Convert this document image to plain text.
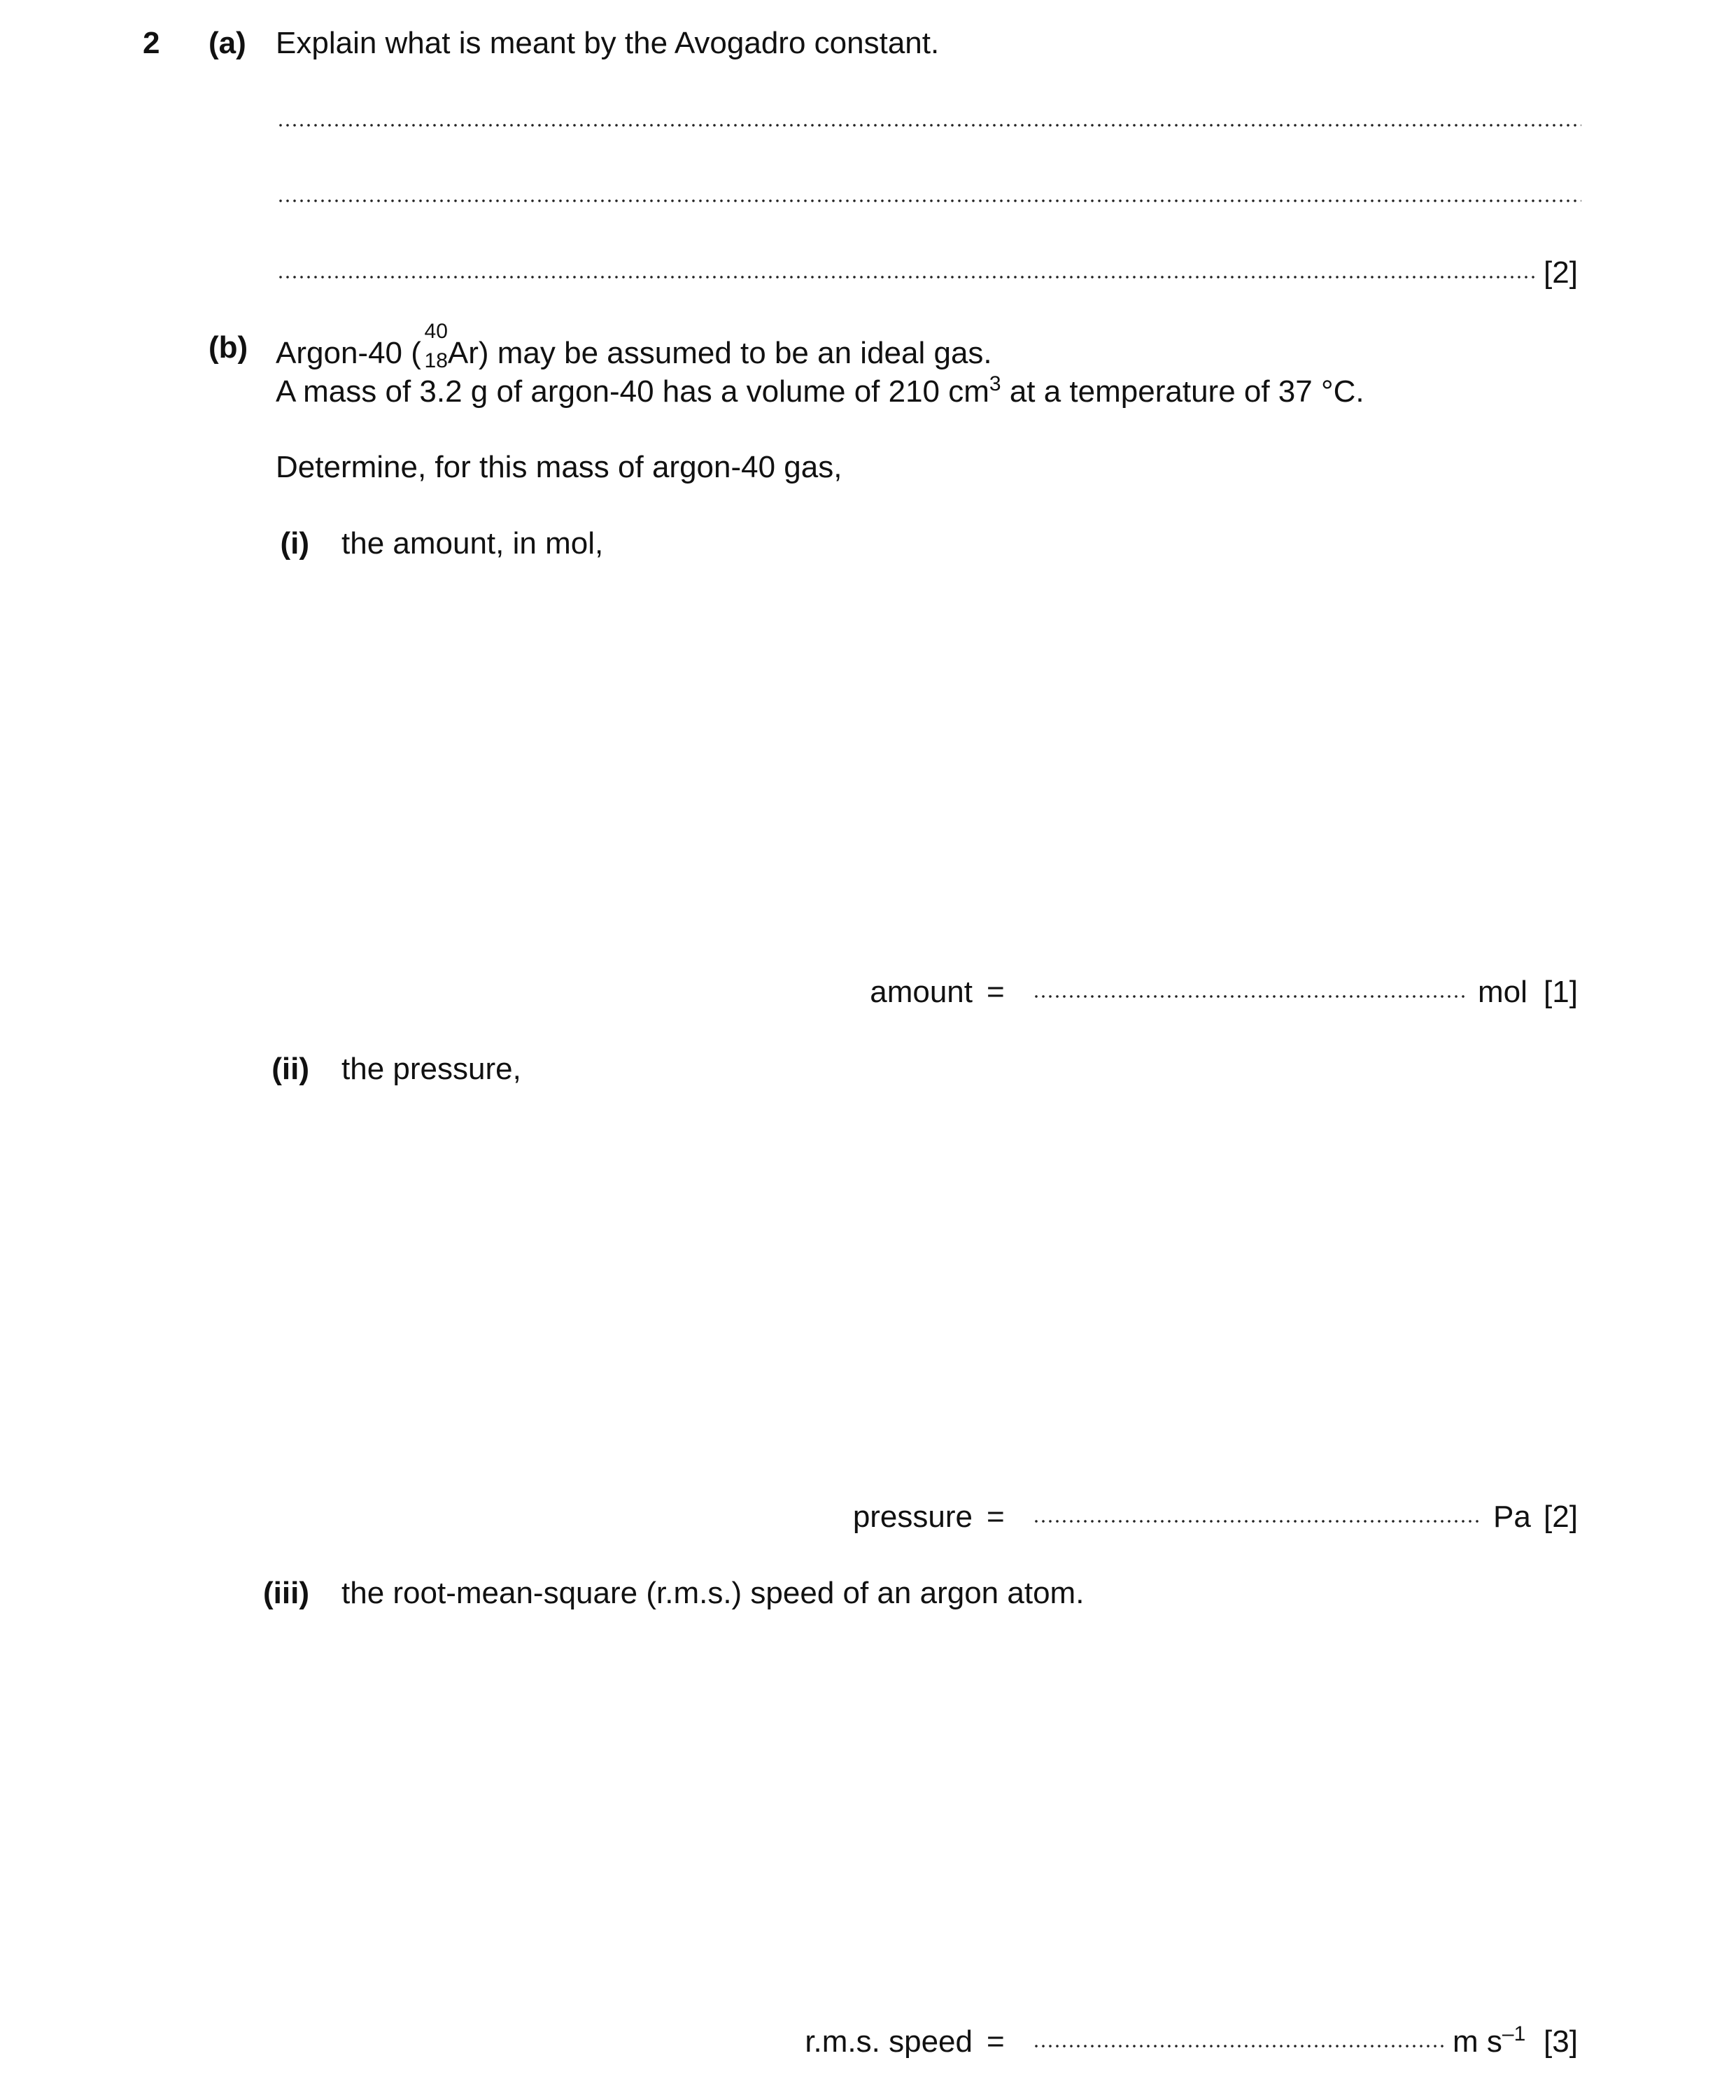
2 (a) Explain what is meant by the Avogadro constant.
[2]
(b) Argon-40 (
40
18 Ar) may be assumed to be an ideal gas.
A mass of 3.2 g of argon-40 has a volume of 210 $cm^3$ at a temperature of 37 °C.
Determine, for this mass of argon-40 gas,
(i) the amount, in mol,
amount =	mol [1]
(ii) the pressure,
pressure =	Pa [2]
(iii) the root-mean-square (r.m.s.) speed of an argon atom.
r.m.s. speed =	m $s^{-1}$ [3]
